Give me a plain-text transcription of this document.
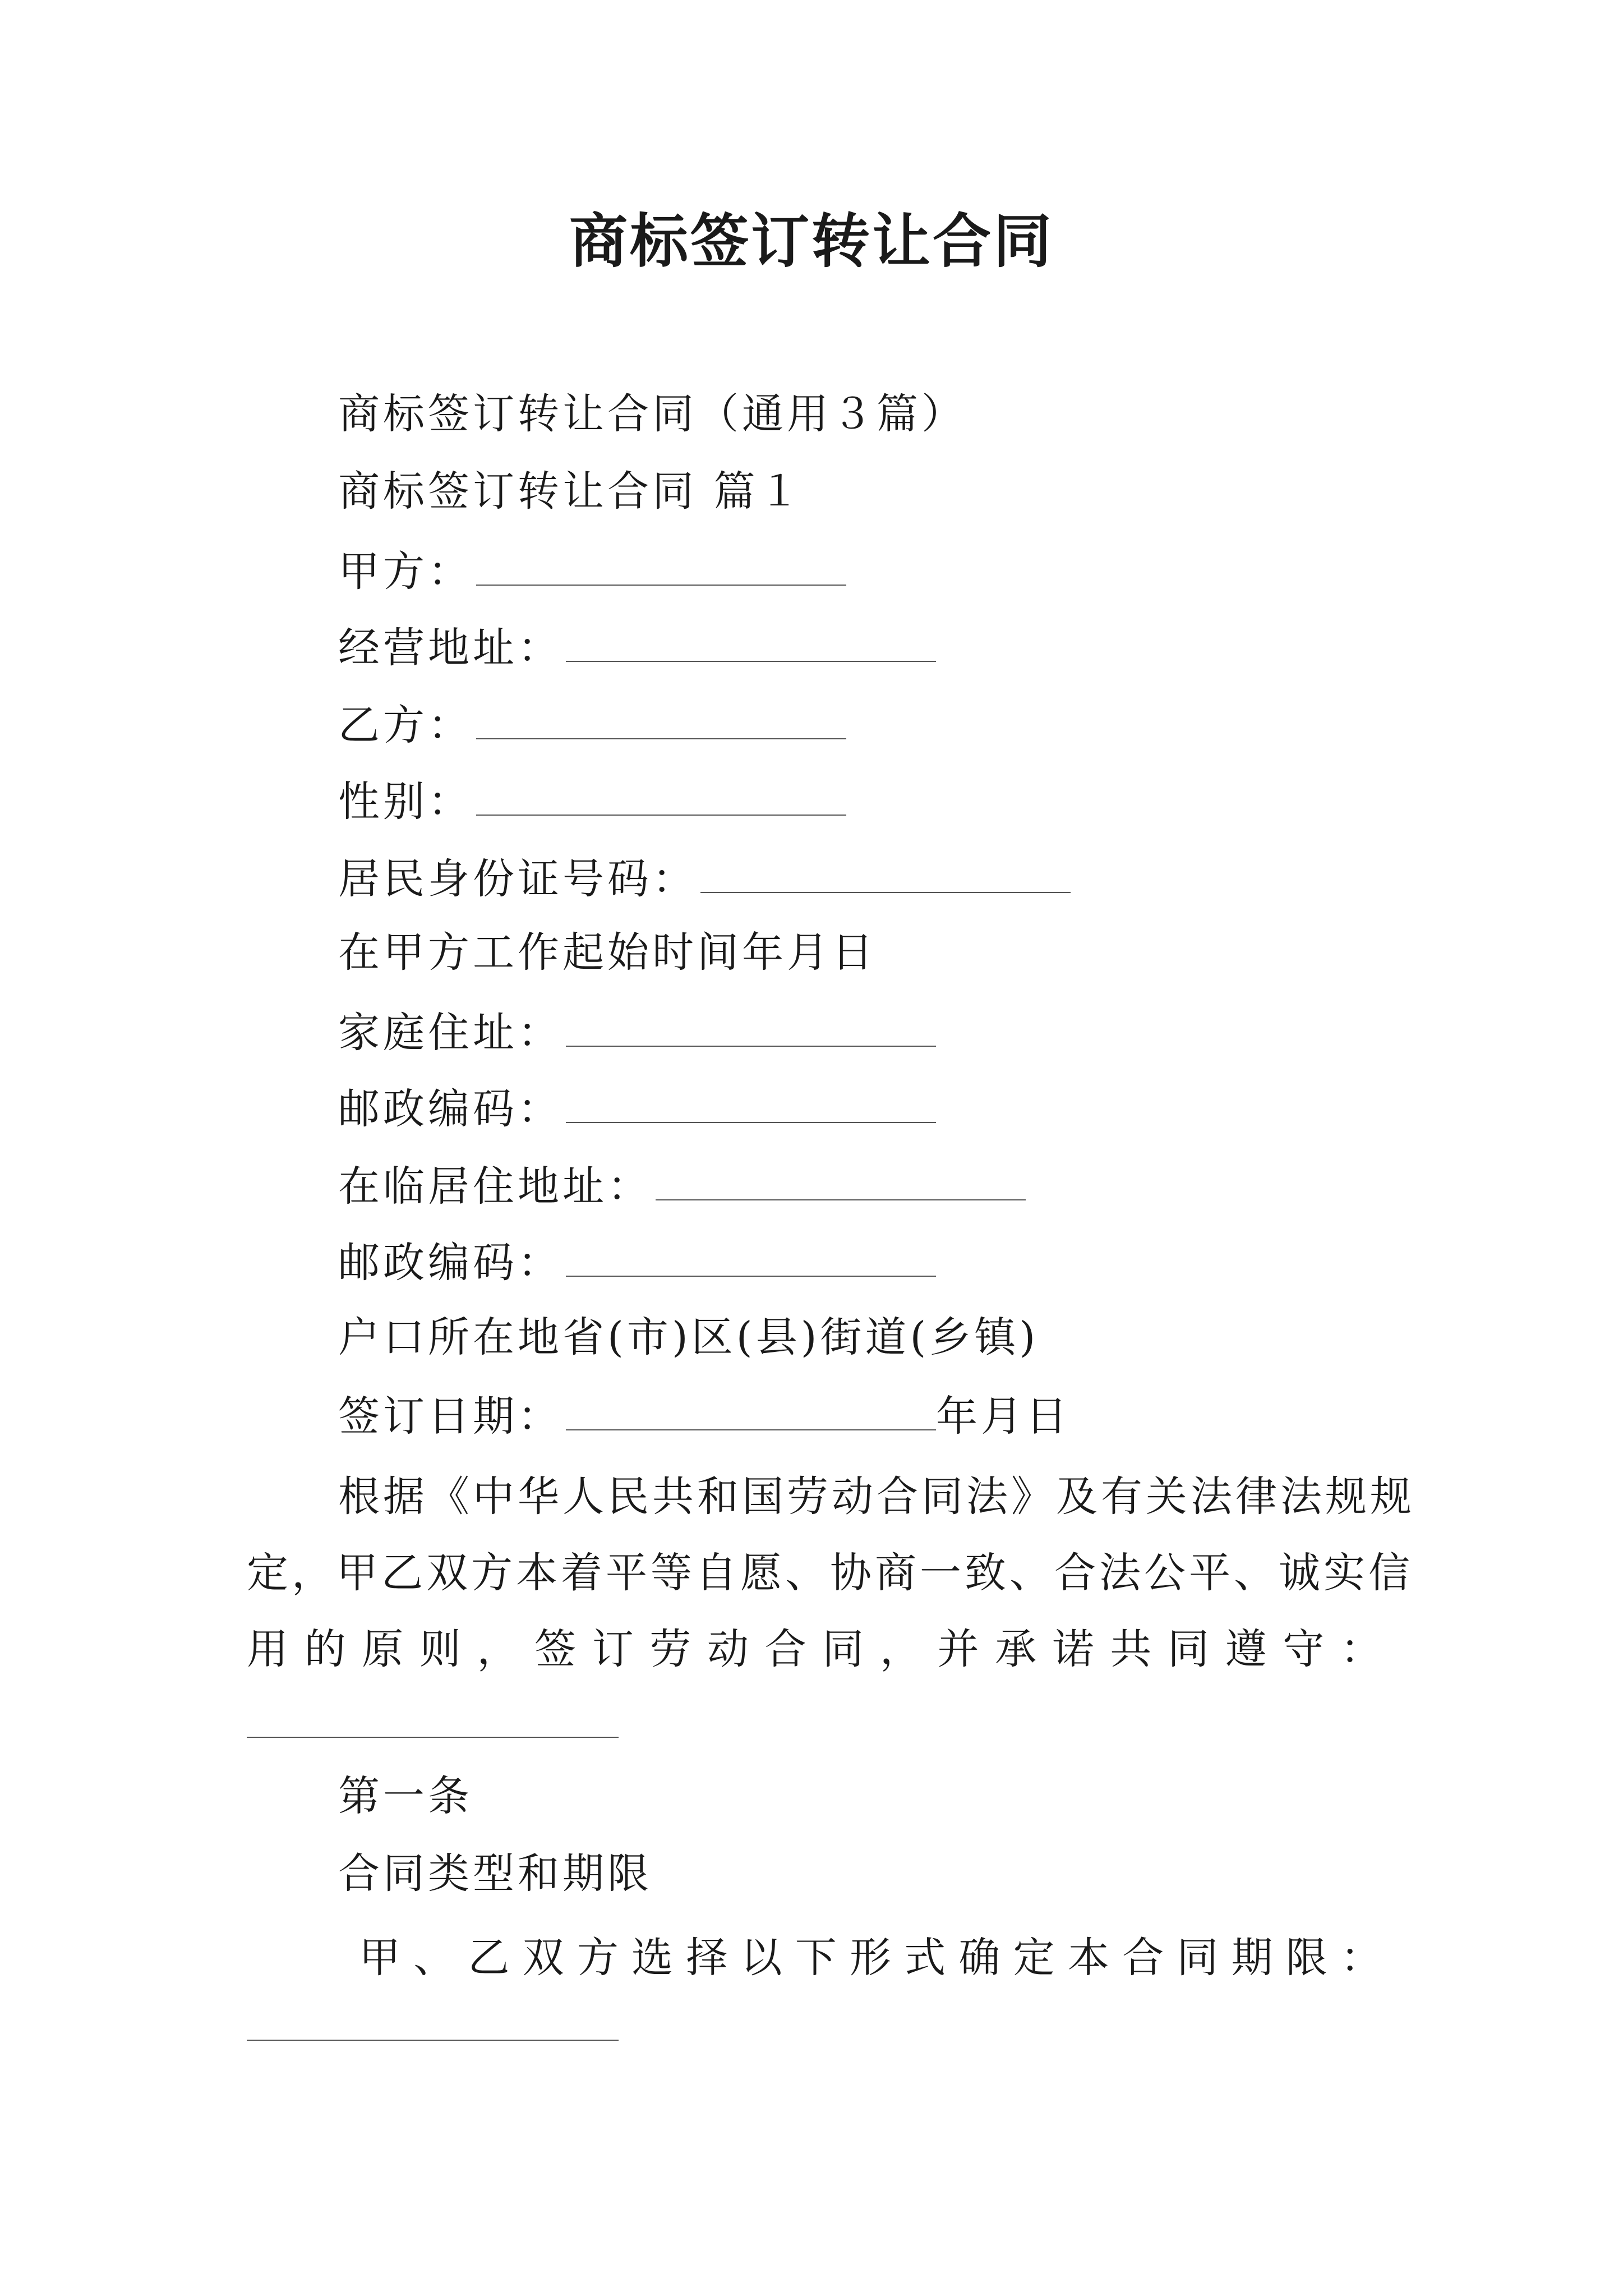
商标签订转让合同
商标签订转让合同（通用３篇）
商标签订转让合同 篇１
甲方：
经营地址：
乙方：
性别：
居民身份证号码：
在甲方工作起始时间年月日
家庭住址：
邮政编码：
在临居住地址：
邮政编码：
户口所在地省(市)区(县)街道(乡镇)
签订日期：	年月日
根据《中华人民共和国劳动合同法》及有关法律法规规
定，甲乙双方本着平等自愿、协商一致、合法公平、诚实信
用 的 原 则 ， 签 订 劳 动 合 同 ， 并 承 诺 共 同 遵 守 ：
第一条
合同类型和期限
甲 、 乙 双 方 选 择 以 下 形 式 确 定 本 合 同 期 限 ：
